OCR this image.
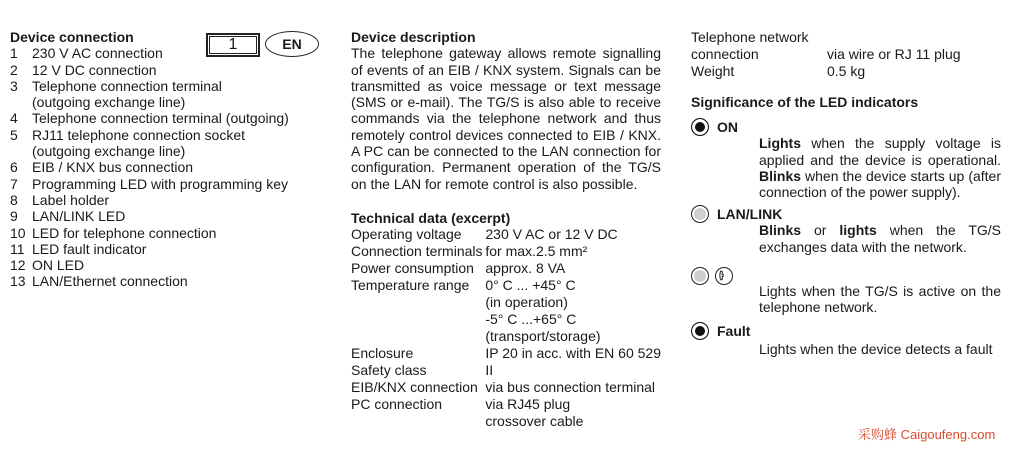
Device connection
1	230 V AC connection
2	12 V DC connection
3	Telephone connection terminal
(outgoing exchange line)
4	Telephone connection terminal (outgoing)
5	RJ11 telephone connection socket
(outgoing exchange line)
6	EIB / KNX bus connection
7	Programming LED with programming key
8	Label holder
9	LAN/LINK LED
10 LED for telephone connection
11 LED fault indicator
12 ON LED
13 LAN/Ethernet connection
1	EN	Device description
The telephone gateway allows remote signalling of events of an EIB / KNX system. Signals can be transmitted as voice message or text message (SMS or e-mail). The TG/S is also able to receive commands via the telephone network and thus remotely control devices connected to EIB / KNX. A PC can be connected to the LAN connection for configuration. Permanent operation of the TG/S on the LAN for remote control is also possible.
Technical data (excerpt)
Operating voltage	230 V AC or 12 V DC
Connection terminals	for max.2.5 mm²
Power consumption	approx. 8 VA
Temperature range	0° C ... +45° C
	(in operation)
	-5° C ...+65° C
	(transport/storage)
Enclosure	IP 20 in acc. with EN 60 529
Safety class	II
EIB/KNX connection	via bus connection terminal
PC connection	via RJ45 plug
	crossover cable
Telephone network	
connection	via wire or RJ 11 plug
Weight	0.5 kg
Significance of the LED indicators
ON
Lights when the supply voltage is applied and the device is operational. Blinks when the device starts up (after connection of the power supply).
LAN/LINK
Blinks or lights when the TG/S exchanges data with the network.
Lights when the TG/S is active on the telephone network.
Fault
Lights when the device detects a fault
采购蜂 Caigoufeng.com
